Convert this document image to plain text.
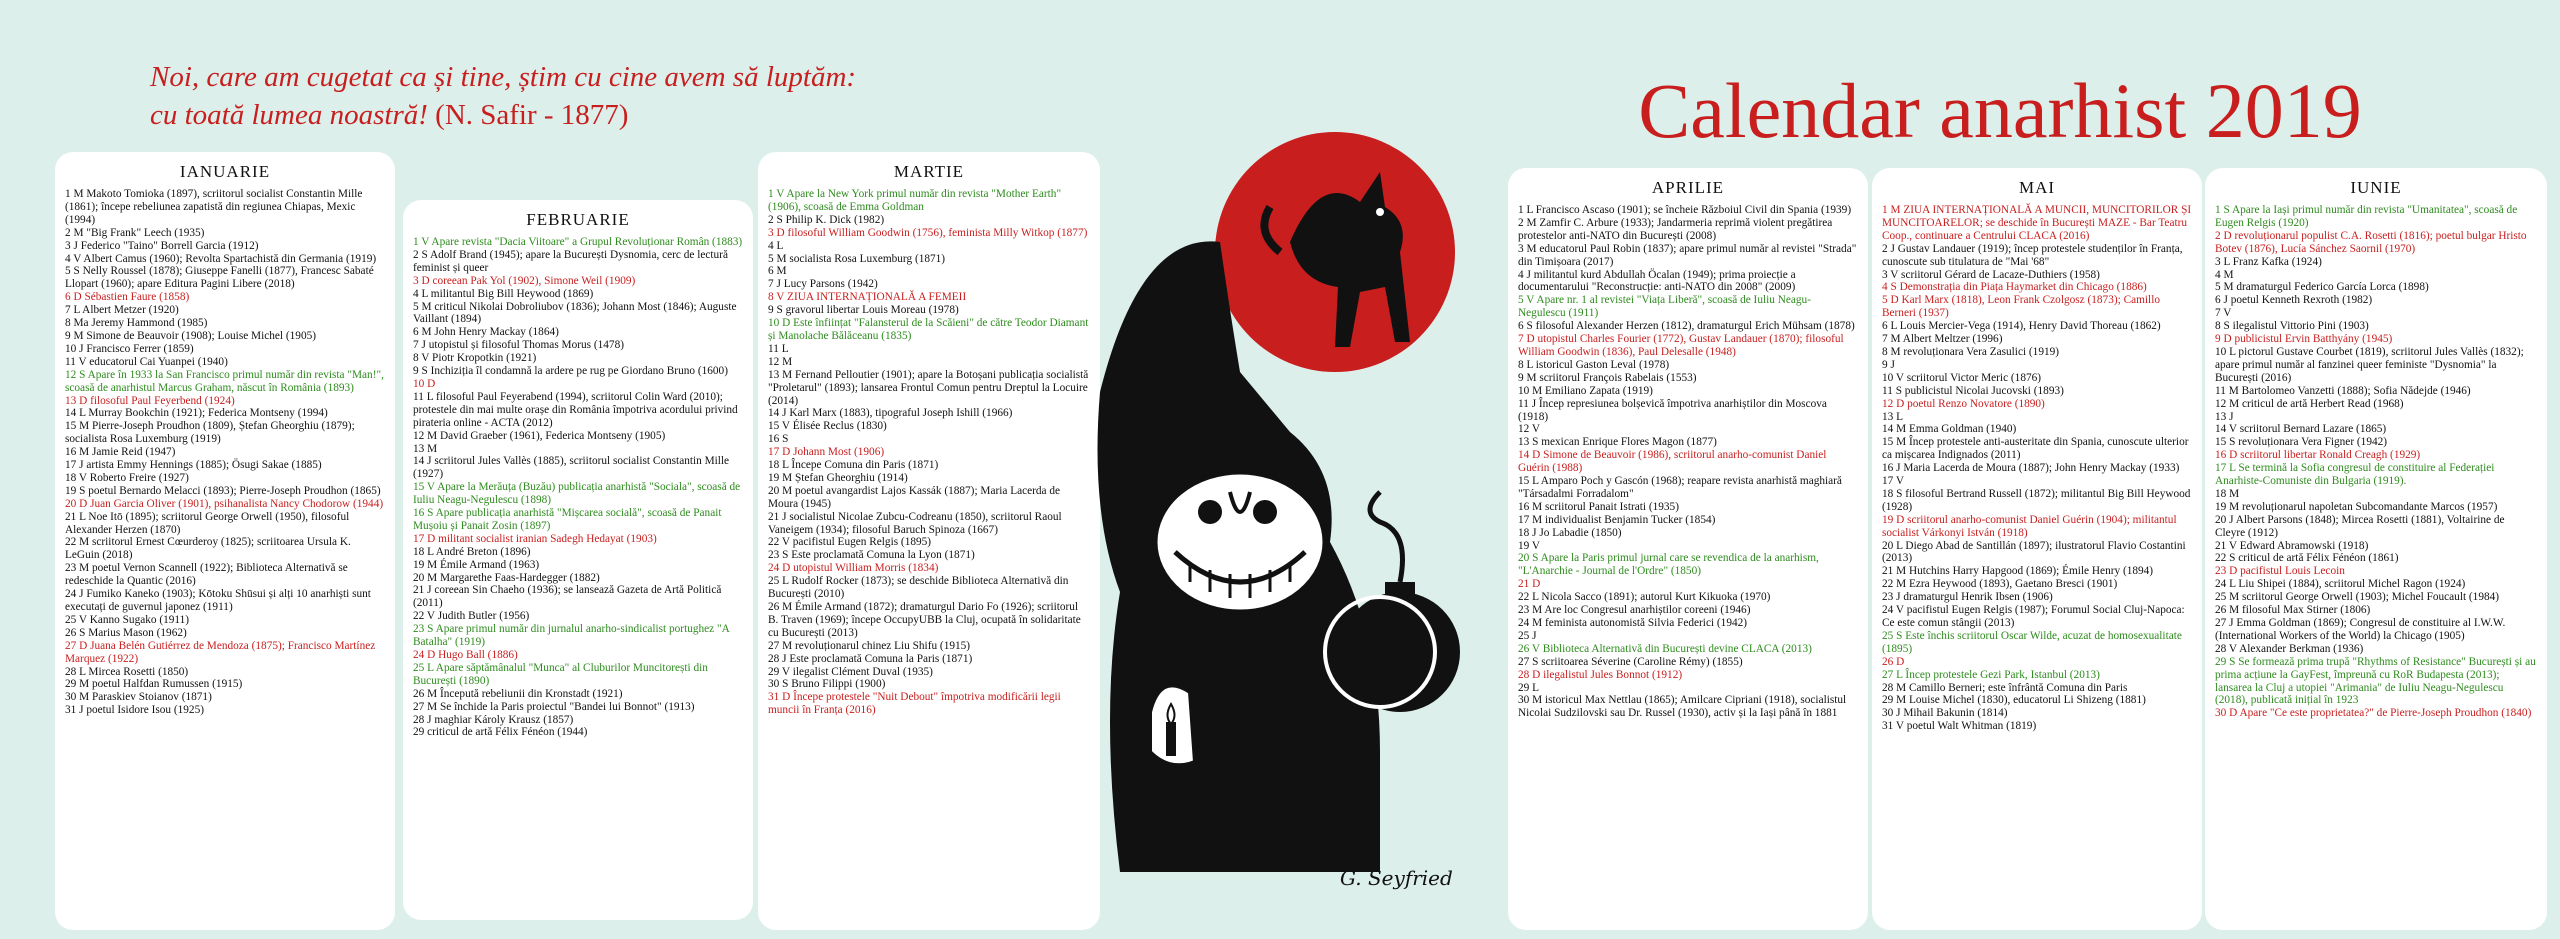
Noi, care am cugetat ca și tine, știm cu cine avem să luptăm:
cu toată lumea noastră! (N. Safir - 1877)	Calendar anarhist 2019
IANUARIE
1 M Makoto Tomioka (1897), scriitorul socialist Constantin Mille (1861); începe rebeliunea zapatistă din regiunea Chiapas, Mexic (1994)
2 M "Big Frank" Leech (1935)
3 J Federico "Taino" Borrell Garcia (1912)
4 V Albert Camus (1960); Revolta Spartachistă din Germania (1919)
5 S Nelly Roussel (1878); Giuseppe Fanelli (1877), Francesc Sabaté Llopart (1960); apare Editura Pagini Libere (2018)
6 D Sébastien Faure (1858)
7 L Albert Metzer (1920)
8 Ma Jeremy Hammond (1985)
9 M Simone de Beauvoir (1908); Louise Michel (1905)
10 J Francisco Ferrer (1859)
11 V educatorul Cai Yuanpei (1940)
12 S Apare în 1933 la San Francisco primul număr din revista "Man!", scoasă de anarhistul Marcus Graham, născut în România (1893)
13 D filosoful Paul Feyerbend (1924)
14 L Murray Bookchin (1921); Federica Montseny (1994)
15 M Pierre-Joseph Proudhon (1809), Ștefan Gheorghiu (1879); socialista Rosa Luxemburg (1919)
16 M Jamie Reid (1947)
17 J artista Emmy Hennings (1885); Ösugi Sakae (1885)
18 V Roberto Freire (1927)
19 S poetul Bernardo Melacci (1893); Pierre-Joseph Proudhon (1865)
20 D Juan Garcia Oliver (1901), psihanalista Nancy Chodorow (1944)
21 L Noe Itō (1895); scriitorul George Orwell (1950), filosoful Alexander Herzen (1870)
22 M scriitorul Ernest Cœurderoy (1825); scriitoarea Ursula K. LeGuin (2018)
23 M poetul Vernon Scannell (1922); Biblioteca Alternativă se redeschide la Quantic (2016)
24 J Fumiko Kaneko (1903); Kōtoku Shūsui și alți 10 anarhiști sunt executați de guvernul japonez (1911)
25 V Kanno Sugako (1911)
26 S Marius Mason (1962)
27 D Juana Belén Gutiérrez de Mendoza (1875); Francisco Martínez Marquez (1922)
28 L Mircea Rosetti (1850)
29 M poetul Halfdan Rumussen (1915)
30 M Paraskiev Stoianov (1871)
31 J poetul Isidore Isou (1925)
FEBRUARIE
1 V Apare revista "Dacia Viitoare" a Grupul Revoluționar Român (1883)
2 S Adolf Brand (1945); apare la București Dysnomia, cerc de lectură feminist și queer
3 D coreean Pak Yol (1902), Simone Weil (1909)
4 L militantul Big Bill Heywood (1869)
5 M criticul Nikolai Dobroliubov (1836); Johann Most (1846); Auguste Vaillant (1894)
6 M John Henry Mackay (1864)
7 J utopistul și filosoful Thomas Morus (1478)
8 V Piotr Kropotkin (1921)
9 S Inchiziția îl condamnă la ardere pe rug pe Giordano Bruno (1600)
10 D
11 L filosoful Paul Feyerabend (1994), scriitorul Colin Ward (2010); protestele din mai multe orașe din România împotriva acordului privind pirateria online - ACTA (2012)
12 M David Graeber (1961), Federica Montseny (1905)
13 M
14 J scriitorul Jules Vallès (1885), scriitorul socialist Constantin Mille (1927)
15 V Apare la Merăuța (Buzău) publicația anarhistă "Sociala", scoasă de Iuliu Neagu-Negulescu (1898)
16 S Apare publicația anarhistă "Mișcarea socială", scoasă de Panait Mușoiu și Panait Zosin (1897)
17 D militant socialist iranian Sadegh Hedayat (1903)
18 L André Breton (1896)
19 M Émile Armand (1963)
20 M Margarethe Faas-Hardegger (1882)
21 J coreean Sin Chaeho (1936); se lansează Gazeta de Artă Politică (2011)
22 V Judith Butler (1956)
23 S Apare primul număr din jurnalul anarho-sindicalist portughez "A Batalha" (1919)
24 D Hugo Ball (1886)
25 L Apare săptămânalul "Munca" al Cluburilor Muncitorești din București (1890)
26 M Începută rebeliunii din Kronstadt (1921)
27 M Se închide la Paris proiectul "Bandei lui Bonnot" (1913)
28 J maghiar Károly Krausz (1857)
29 criticul de artă Félix Fénéon (1944)
MARTIE
1 V Apare la New York primul număr din revista "Mother Earth" (1906), scoasă de Emma Goldman
2 S Philip K. Dick (1982)
3 D filosoful William Goodwin (1756), feminista Milly Witkop (1877)
4 L
5 M socialista Rosa Luxemburg (1871)
6 M
7 J Lucy Parsons (1942)
8 V ZIUA INTERNAȚIONALĂ A FEMEII
9 S gravorul libertar Louis Moreau (1978)
10 D Este înființat "Falansterul de la Scăieni" de către Teodor Diamant și Manolache Bălăceanu (1835)
11 L
12 M
13 M Fernand Pelloutier (1901); apare la Botoșani publicația socialistă "Proletarul" (1893); lansarea Frontul Comun pentru Dreptul la Locuire (2014)
14 J Karl Marx (1883), tipograful Joseph Ishill (1966)
15 V Élisée Reclus (1830)
16 S
17 D Johann Most (1906)
18 L Începe Comuna din Paris (1871)
19 M Ștefan Gheorghiu (1914)
20 M poetul avangardist Lajos Kassák (1887); Maria Lacerda de Moura (1945)
21 J socialistul Nicolae Zubcu-Codreanu (1850), scriitorul Raoul Vaneigem (1934); filosoful Baruch Spinoza (1667)
22 V pacifistul Eugen Relgis (1895)
23 S Este proclamată Comuna la Lyon (1871)
24 D utopistul William Morris (1834)
25 L Rudolf Rocker (1873); se deschide Biblioteca Alternativă din București (2010)
26 M Émile Armand (1872); dramaturgul Dario Fo (1926); scriitorul B. Traven (1969); începe OccupyUBB la Cluj, ocupată în solidaritate cu București (2013)
27 M revoluționarul chinez Liu Shifu (1915)
28 J Este proclamată Comuna la Paris (1871)
29 V ilegalist Clément Duval (1935)
30 S Bruno Filippi (1900)
31 D Începe protestele "Nuit Debout" împotriva modificării legii muncii în Franța (2016)
APRILIE
1 L Francisco Ascaso (1901); se încheie Războiul Civil din Spania (1939)
2 M Zamfir C. Arbure (1933); Jandarmeria reprimă violent pregătirea protestelor anti-NATO din București (2008)
3 M educatorul Paul Robin (1837); apare primul număr al revistei "Strada" din Timișoara (2017)
4 J militantul kurd Abdullah Öcalan (1949); prima proiecție a documentarului "Reconstrucție: anti-NATO din 2008" (2009)
5 V Apare nr. 1 al revistei "Viața Liberă", scoasă de Iuliu Neagu-Negulescu (1911)
6 S filosoful Alexander Herzen (1812), dramaturgul Erich Mühsam (1878)
7 D utopistul Charles Fourier (1772), Gustav Landauer (1870); filosoful William Goodwin (1836), Paul Delesalle (1948)
8 L istoricul Gaston Leval (1978)
9 M scriitorul François Rabelais (1553)
10 M Emiliano Zapata (1919)
11 J Încep represiunea bolșevică împotriva anarhiștilor din Moscova (1918)
12 V
13 S mexican Enrique Flores Magon (1877)
14 D Simone de Beauvoir (1986), scriitorul anarho-comunist Daniel Guérin (1988)
15 L Amparo Poch y Gascón (1968); reapare revista anarhistă maghiară "Társadalmi Forradalom"
16 M scriitorul Panait Istrati (1935)
17 M individualist Benjamin Tucker (1854)
18 J Jo Labadie (1850)
19 V
20 S Apare la Paris primul jurnal care se revendica de la anarhism, "L'Anarchie - Journal de l'Ordre" (1850)
21 D
22 L Nicola Sacco (1891); autorul Kurt Kikuoka (1970)
23 M Are loc Congresul anarhiștilor coreeni (1946)
24 M feminista autonomistă Silvia Federici (1942)
25 J
26 V Biblioteca Alternativă din București devine CLACA (2013)
27 S scriitoarea Séverine (Caroline Rémy) (1855)
28 D ilegalistul Jules Bonnot (1912)
29 L
30 M istoricul Max Nettlau (1865); Amilcare Cipriani (1918), socialistul Nicolai Sudzilovski sau Dr. Russel (1930), activ și la Iași până în 1881
MAI
1 M ZIUA INTERNAȚIONALĂ A MUNCII, MUNCITORILOR ȘI MUNCITOARELOR; se deschide în București MAZE - Bar Teatru Coop., continuare a Centrului CLACA (2016)
2 J Gustav Landauer (1919); încep protestele studenților în Franța, cunoscute sub titulatura de "Mai '68"
3 V scriitorul Gérard de Lacaze-Duthiers (1958)
4 S Demonstrația din Piața Haymarket din Chicago (1886)
5 D Karl Marx (1818), Leon Frank Czolgosz (1873); Camillo Berneri (1937)
6 L Louis Mercier-Vega (1914), Henry David Thoreau (1862)
7 M Albert Meltzer (1996)
8 M revoluționara Vera Zasulici (1919)
9 J
10 V scriitorul Victor Meric (1876)
11 S publicistul Nicolai Jucovski (1893)
12 D poetul Renzo Novatore (1890)
13 L
14 M Emma Goldman (1940)
15 M Încep protestele anti-austeritate din Spania, cunoscute ulterior ca mișcarea Indignados (2011)
16 J Maria Lacerda de Moura (1887); John Henry Mackay (1933)
17 V
18 S filosoful Bertrand Russell (1872); militantul Big Bill Heywood (1928)
19 D scriitorul anarho-comunist Daniel Guérin (1904); militantul socialist Várkonyi István (1918)
20 L Diego Abad de Santillán (1897); ilustratorul Flavio Costantini (2013)
21 M Hutchins Harry Hapgood (1869); Émile Henry (1894)
22 M Ezra Heywood (1893), Gaetano Bresci (1901)
23 J dramaturgul Henrik Ibsen (1906)
24 V pacifistul Eugen Relgis (1987); Forumul Social Cluj-Napoca: Ce este comun stângii (2013)
25 S Este închis scriitorul Oscar Wilde, acuzat de homosexualitate (1895)
26 D
27 L Încep protestele Gezi Park, Istanbul (2013)
28 M Camillo Berneri; este înfrântă Comuna din Paris
29 M Louise Michel (1830), educatorul Li Shizeng (1881)
30 J Mihail Bakunin (1814)
31 V poetul Walt Whitman (1819)
IUNIE
1 S Apare la Iași primul număr din revista "Umanitatea", scoasă de Eugen Relgis (1920)
2 D revoluționarul populist C.A. Rosetti (1816); poetul bulgar Hristo Botev (1876), Lucía Sánchez Saornil (1970)
3 L Franz Kafka (1924)
4 M
5 M dramaturgul Federico García Lorca (1898)
6 J poetul Kenneth Rexroth (1982)
7 V
8 S ilegalistul Vittorio Pini (1903)
9 D publicistul Ervin Batthyány (1945)
10 L pictorul Gustave Courbet (1819), scriitorul Jules Vallès (1832); apare primul număr al fanzinei queer feministe "Dysnomia" la București (2016)
11 M Bartolomeo Vanzetti (1888); Sofia Nădejde (1946)
12 M criticul de artă Herbert Read (1968)
13 J
14 V scriitorul Bernard Lazare (1865)
15 S revoluționara Vera Figner (1942)
16 D scriitorul libertar Ronald Creagh (1929)
17 L Se termină la Sofia congresul de constituire al Federației Anarhiste-Comuniste din Bulgaria (1919).
18 M
19 M revoluționarul napoletan Subcomandante Marcos (1957)
20 J Albert Parsons (1848); Mircea Rosetti (1881), Voltairine de Cleyre (1912)
21 V Edward Abramowski (1918)
22 S criticul de artă Félix Fénéon (1861)
23 D pacifistul Louis Lecoin
24 L Liu Shipei (1884), scriitorul Michel Ragon (1924)
25 M scriitorul George Orwell (1903); Michel Foucault (1984)
26 M filosoful Max Stirner (1806)
27 J Emma Goldman (1869); Congresul de constituire al I.W.W. (International Workers of the World) la Chicago (1905)
28 V Alexander Berkman (1936)
29 S Se formează prima trupă "Rhythms of Resistance" București și au prima acțiune la GayFest, împreună cu RoR Budapesta (2013); lansarea la Cluj a utopiei "Arimania" de Iuliu Neagu-Negulescu (2018), publicată inițial în 1923
30 D Apare "Ce este proprietatea?" de Pierre-Joseph Proudhon (1840)
G. Seyfried
